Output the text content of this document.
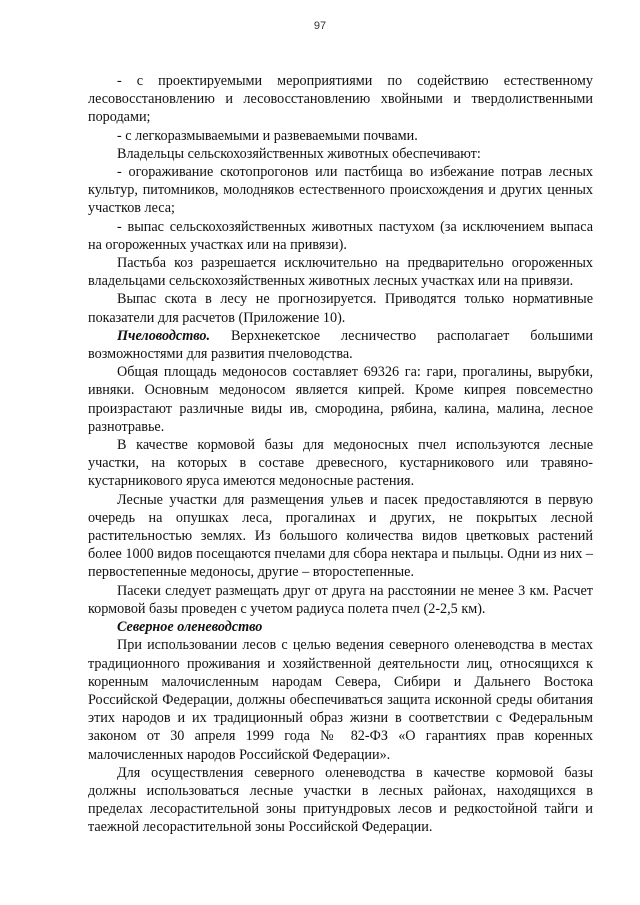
97

- с проектируемыми мероприятиями по содействию естественному лесовосстановлению и лесовосстановлению хвойными и твердолиственными породами;

- с легкоразмываемыми и развеваемыми почвами.

Владельцы сельскохозяйственных животных обеспечивают:

- огораживание скотопрогонов или пастбища во избежание потрав лесных культур, питомников, молодняков естественного происхождения и других ценных участков леса;

- выпас сельскохозяйственных животных пастухом (за исключением выпаса на огороженных участках или на привязи).

Пастьба коз разрешается исключительно на предварительно огороженных владельцами сельскохозяйственных животных лесных участках или на привязи.

Выпас скота в лесу не прогнозируется. Приводятся только нормативные показатели для расчетов (Приложение 10).

Пчеловодство. Верхнекетское лесничество располагает большими возможностями для развития пчеловодства.

Общая площадь медоносов составляет 69326 га: гари, прогалины, вырубки, ивняки. Основным медоносом является кипрей. Кроме кипрея повсеместно произрастают различные виды ив, смородина, рябина, калина, малина, лесное разнотравье.

В качестве кормовой базы для медоносных пчел используются лесные участки, на которых в составе древесного, кустарникового или травяно-кустарникового яруса имеются медоносные растения.

Лесные участки для размещения ульев и пасек предоставляются в первую очередь на опушках леса, прогалинах и других, не покрытых лесной растительностью землях. Из большого количества видов цветковых растений более 1000 видов посещаются пчелами для сбора нектара и пыльцы. Одни из них – первостепенные медоносы, другие – второстепенные.

Пасеки следует размещать друг от друга на расстоянии не менее 3 км. Расчет кормовой базы проведен с учетом радиуса полета пчел (2-2,5 км).

Северное оленеводство

При использовании лесов с целью ведения северного оленеводства в местах традиционного проживания и хозяйственной деятельности лиц, относящихся к коренным малочисленным народам Севера, Сибири и Дальнего Востока Российской Федерации, должны обеспечиваться защита исконной среды обитания этих народов и их традиционный образ жизни в соответствии с Федеральным законом от 30 апреля 1999 года № 82-ФЗ «О гарантиях прав коренных малочисленных народов Российской Федерации».

Для осуществления северного оленеводства в качестве кормовой базы должны использоваться лесные участки в лесных районах, находящихся в пределах лесорастительной зоны притундровых лесов и редкостойной тайги и таежной лесорастительной зоны Российской Федерации.
